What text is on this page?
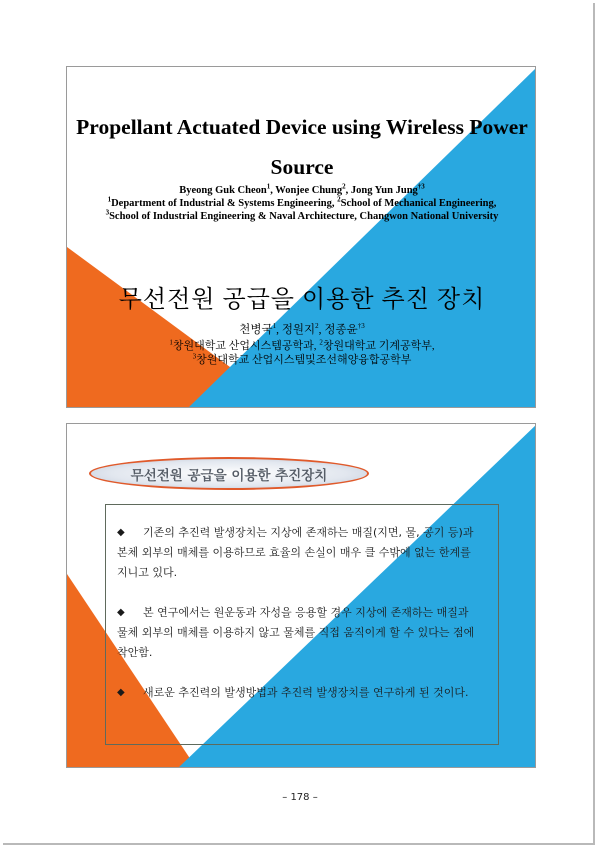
Propellant Actuated Device using Wireless Power Source
Byeong Guk Cheon$^1$, Wonjee Chung$^2$, Jong Yun Jung$^{\dagger 3}$
$^1$Department of Industrial & Systems Engineering, $^2$School of Mechanical Engineering,
$^3$School of Industrial Engineering & Naval Architecture, Changwon National University
무선전원 공급을 이용한 추진 장치
천병국$^1$, 정원지$^2$, 정종윤$^{\dagger 3}$
$^1$창원대학교 산업시스템공학과, $^2$창원대학교 기계공학부,
$^3$창원대학교 산업시스템및조선해양융합공학부
무선전원 공급을 이용한 추진장치
◆	기존의 추진력 발생장치는 지상에 존재하는 매질(지면, 물, 공기 등)과 본체 외부의 매체를 이용하므로 효율의 손실이 매우 클 수밖에 없는 한계를 지니고 있다.
◆	본 연구에서는 원운동과 자성을 응용할 경우 지상에 존재하는 매질과 물체 외부의 매체를 이용하지 않고 물체를 직접 움직이게 할 수 있다는 점에 착안함.
◆	새로운 추진력의 발생방법과 추진력 발생장치를 연구하게 된 것이다.
– 178 –
